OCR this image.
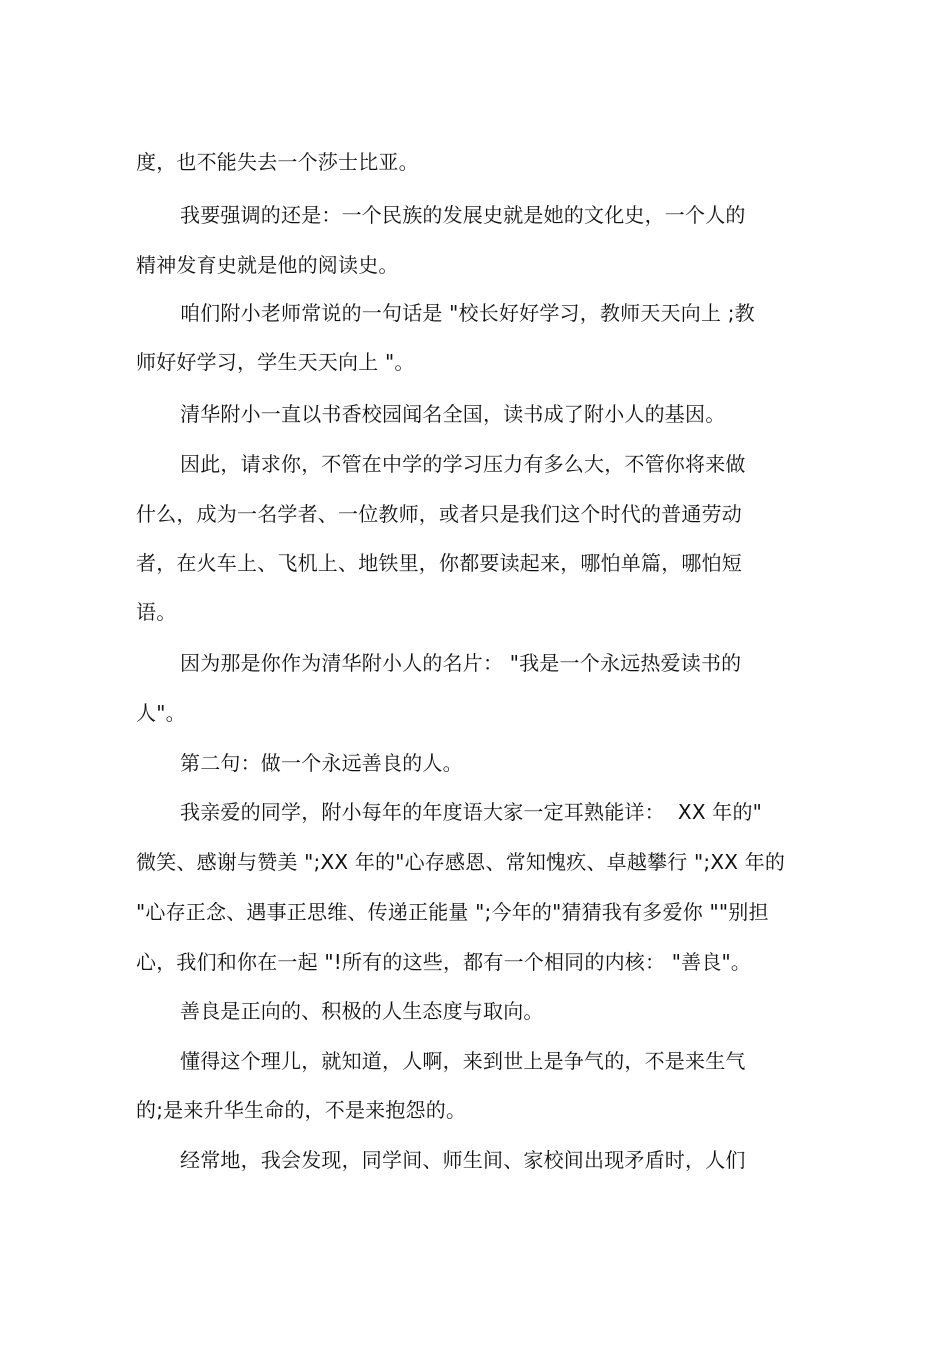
度，也不能失去一个莎士比亚。
我要强调的还是：一个民族的发展史就是她的文化史，一个人的
精神发育史就是他的阅读史。
咱们附小老师常说的一句话是 "校长好好学习，教师天天向上 ;教
师好好学习，学生天天向上 "。
清华附小一直以书香校园闻名全国，读书成了附小人的基因。
因此，请求你，不管在中学的学习压力有多么大，不管你将来做
什么，成为一名学者、一位教师，或者只是我们这个时代的普通劳动
者，在火车上、飞机上、地铁里，你都要读起来，哪怕单篇，哪怕短
语。
因为那是你作为清华附小人的名片： "我是一个永远热爱读书的
人"。
第二句：做一个永远善良的人。
我亲爱的同学，附小每年的年度语大家一定耳熟能详：  XX 年的"
微笑、感谢与赞美 ";XX 年的"心存感恩、常知愧疚、卓越攀行 ";XX 年的
"心存正念、遇事正思维、传递正能量 ";今年的"猜猜我有多爱你 ""别担
心，我们和你在一起 "!所有的这些，都有一个相同的内核： "善良"。
善良是正向的、积极的人生态度与取向。
懂得这个理儿，就知道，人啊，来到世上是争气的，不是来生气
的;是来升华生命的，不是来抱怨的。
经常地，我会发现，同学间、师生间、家校间出现矛盾时，人们
